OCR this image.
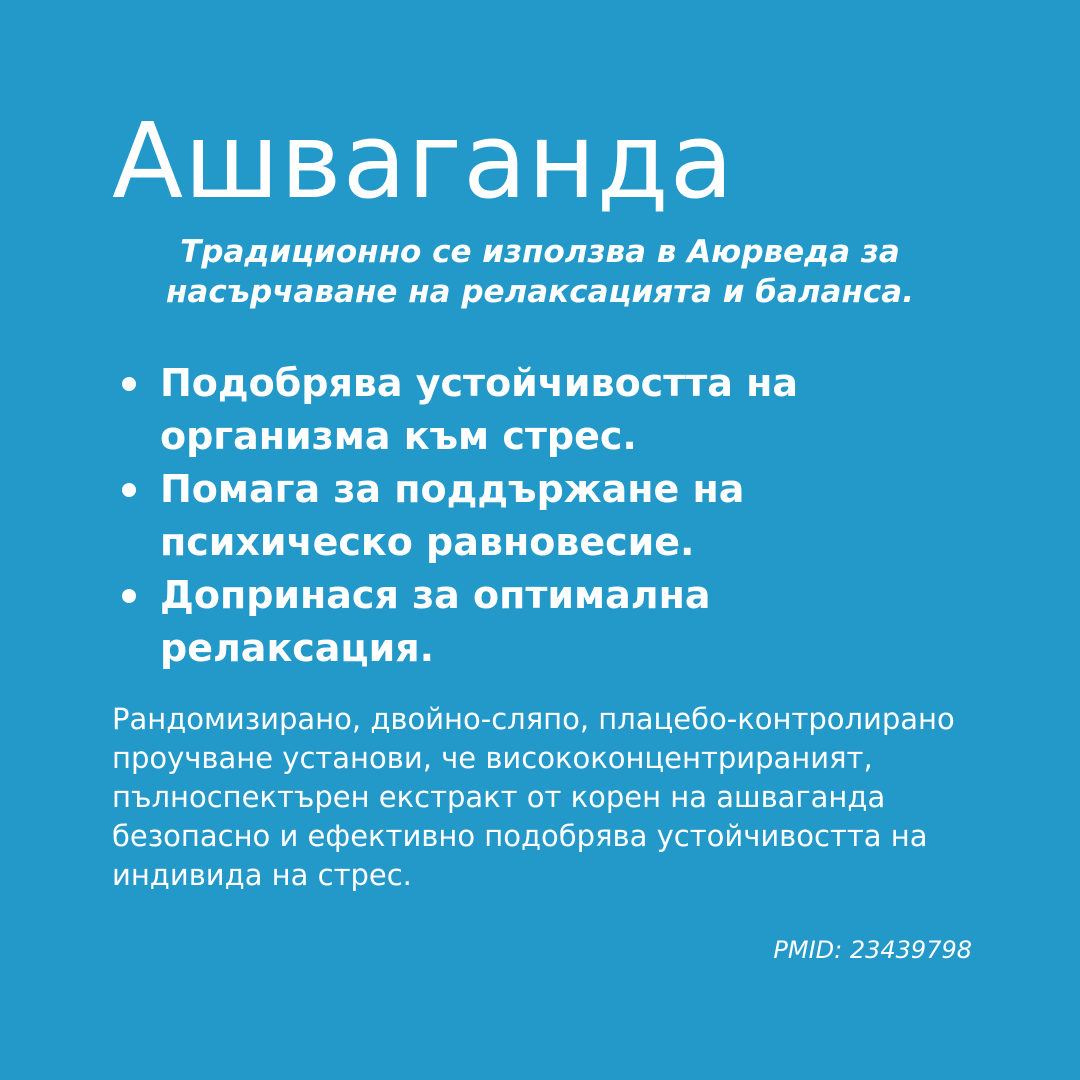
Ашваганда

Традиционно се използва в Аюрведа за насърчаване на релаксацията и баланса.

Подобрява устойчивостта на организма към стрес.
Помага за поддържане на психическо равновесие.
Допринася за оптимална релаксация.

Рандомизирано, двойно-сляпо, плацебо-контролирано проучване установи, че висококонцентрираният, пълноспектърен екстракт от корен на ашваганда безопасно и ефективно подобрява устойчивостта на индивида на стрес.

PMID: 23439798
